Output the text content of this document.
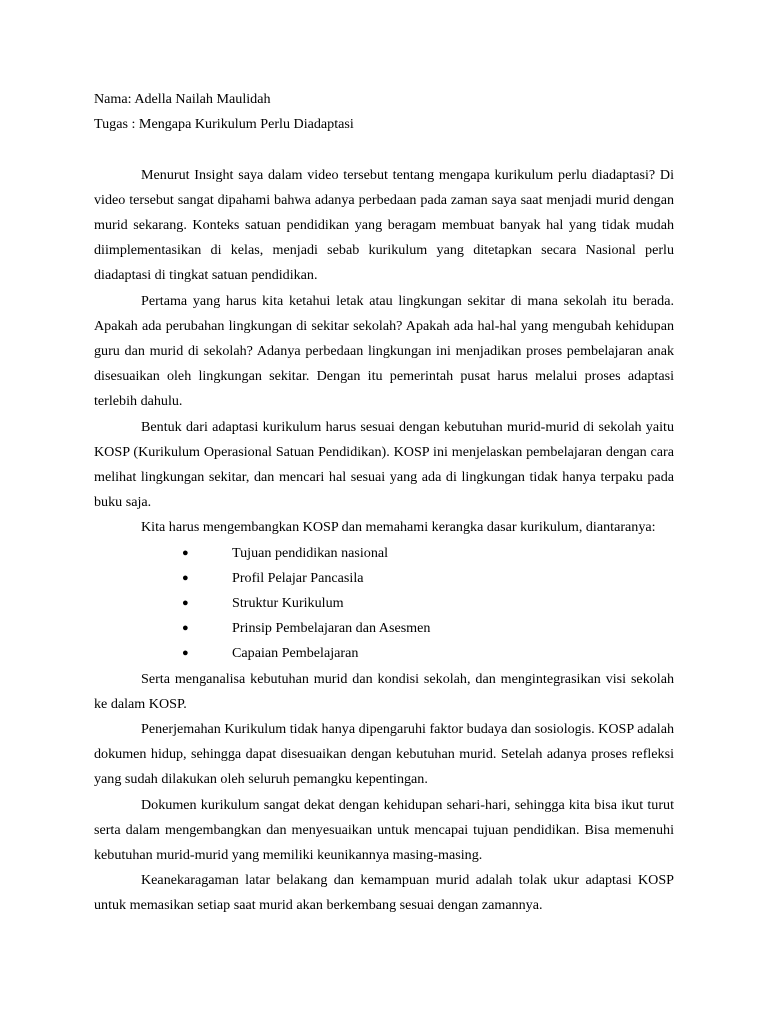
Nama: Adella Nailah Maulidah

Tugas : Mengapa Kurikulum Perlu Diadaptasi

Menurut Insight saya dalam video tersebut tentang mengapa kurikulum perlu diadaptasi? Di video tersebut sangat dipahami bahwa adanya perbedaan pada zaman saya saat menjadi murid dengan murid sekarang. Konteks satuan pendidikan yang beragam membuat banyak hal yang tidak mudah diimplementasikan di kelas, menjadi sebab kurikulum yang ditetapkan secara Nasional perlu diadaptasi di tingkat satuan pendidikan.

Pertama yang harus kita ketahui letak atau lingkungan sekitar di mana sekolah itu berada. Apakah ada perubahan lingkungan di sekitar sekolah? Apakah ada hal-hal yang mengubah kehidupan guru dan murid di sekolah? Adanya perbedaan lingkungan ini menjadikan proses pembelajaran anak disesuaikan oleh lingkungan sekitar. Dengan itu pemerintah pusat harus melalui proses adaptasi terlebih dahulu.

Bentuk dari adaptasi kurikulum harus sesuai dengan kebutuhan murid-murid di sekolah yaitu KOSP (Kurikulum Operasional Satuan Pendidikan). KOSP ini menjelaskan pembelajaran dengan cara melihat lingkungan sekitar, dan mencari hal sesuai yang ada di lingkungan tidak hanya terpaku pada buku saja.

Kita harus mengembangkan KOSP dan memahami kerangka dasar kurikulum, diantaranya:

●	Tujuan pendidikan nasional
●	Profil Pelajar Pancasila
●	Struktur Kurikulum
●	Prinsip Pembelajaran dan Asesmen
●	Capaian Pembelajaran

Serta menganalisa kebutuhan murid dan kondisi sekolah, dan mengintegrasikan visi sekolah ke dalam KOSP.

Penerjemahan Kurikulum tidak hanya dipengaruhi faktor budaya dan sosiologis. KOSP adalah dokumen hidup, sehingga dapat disesuaikan dengan kebutuhan murid. Setelah adanya proses refleksi yang sudah dilakukan oleh seluruh pemangku kepentingan.

Dokumen kurikulum sangat dekat dengan kehidupan sehari-hari, sehingga kita bisa ikut turut serta dalam mengembangkan dan menyesuaikan untuk mencapai tujuan pendidikan. Bisa memenuhi kebutuhan murid-murid yang memiliki keunikannya masing-masing.

Keanekaragaman latar belakang dan kemampuan murid adalah tolak ukur adaptasi KOSP untuk memasikan setiap saat murid akan berkembang sesuai dengan zamannya.
